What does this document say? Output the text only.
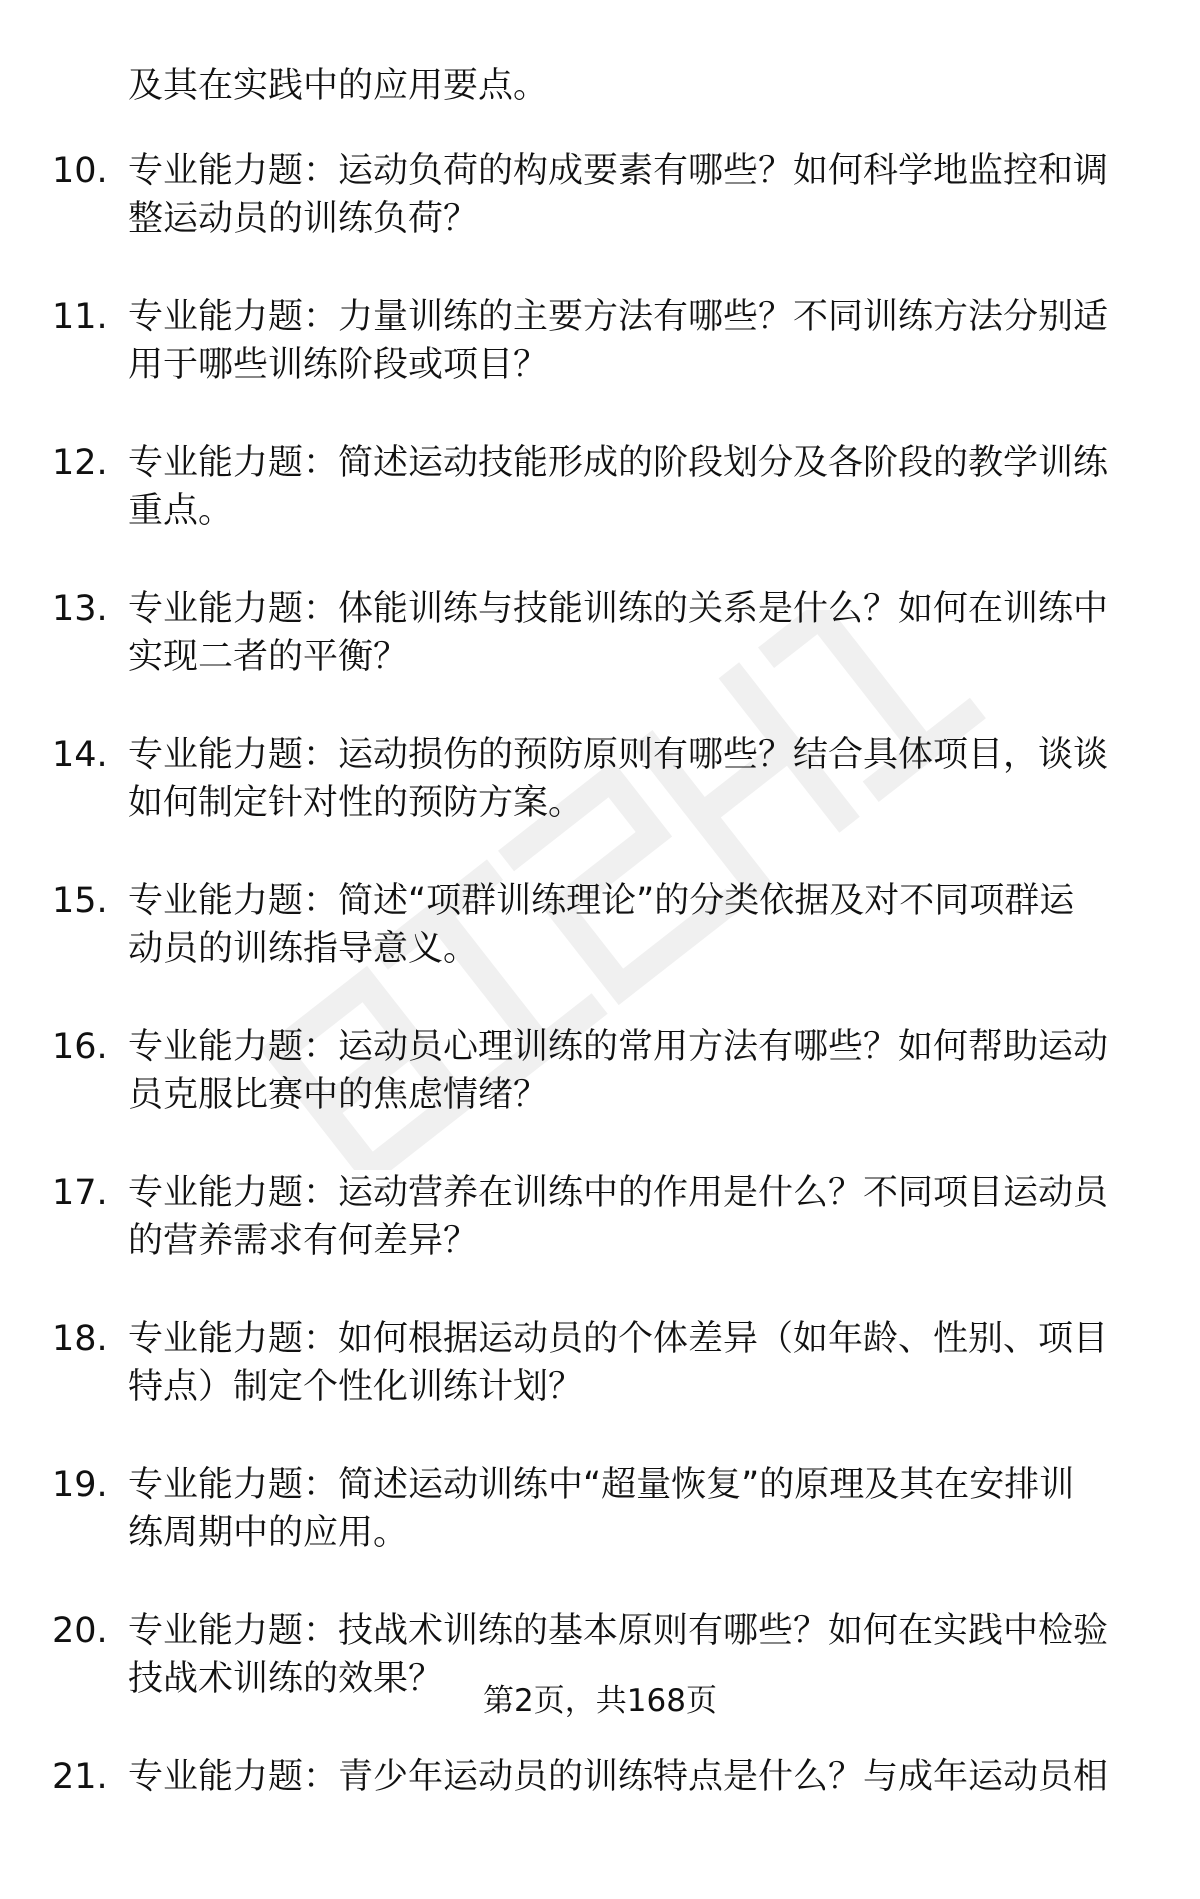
及其在实践中的应用要点。

10. 专业能力题：运动负荷的构成要素有哪些？如何科学地监控和调
整运动员的训练负荷？
11. 专业能力题：力量训练的主要方法有哪些？不同训练方法分别适
用于哪些训练阶段或项目？
12. 专业能力题：简述运动技能形成的阶段划分及各阶段的教学训练
重点。
13. 专业能力题：体能训练与技能训练的关系是什么？如何在训练中
实现二者的平衡？
14. 专业能力题：运动损伤的预防原则有哪些？结合具体项目，谈谈
如何制定针对性的预防方案。
15. 专业能力题：简述“项群训练理论”的分类依据及对不同项群运
动员的训练指导意义。
16. 专业能力题：运动员心理训练的常用方法有哪些？如何帮助运动
员克服比赛中的焦虑情绪？
17. 专业能力题：运动营养在训练中的作用是什么？不同项目运动员
的营养需求有何差异？
18. 专业能力题：如何根据运动员的个体差异（如年龄、性别、项目
特点）制定个性化训练计划？
19. 专业能力题：简述运动训练中“超量恢复”的原理及其在安排训
练周期中的应用。
20. 专业能力题：技战术训练的基本原则有哪些？如何在实践中检验
技战术训练的效果？
21. 专业能力题：青少年运动员的训练特点是什么？与成年运动员相
第2页，共168页
